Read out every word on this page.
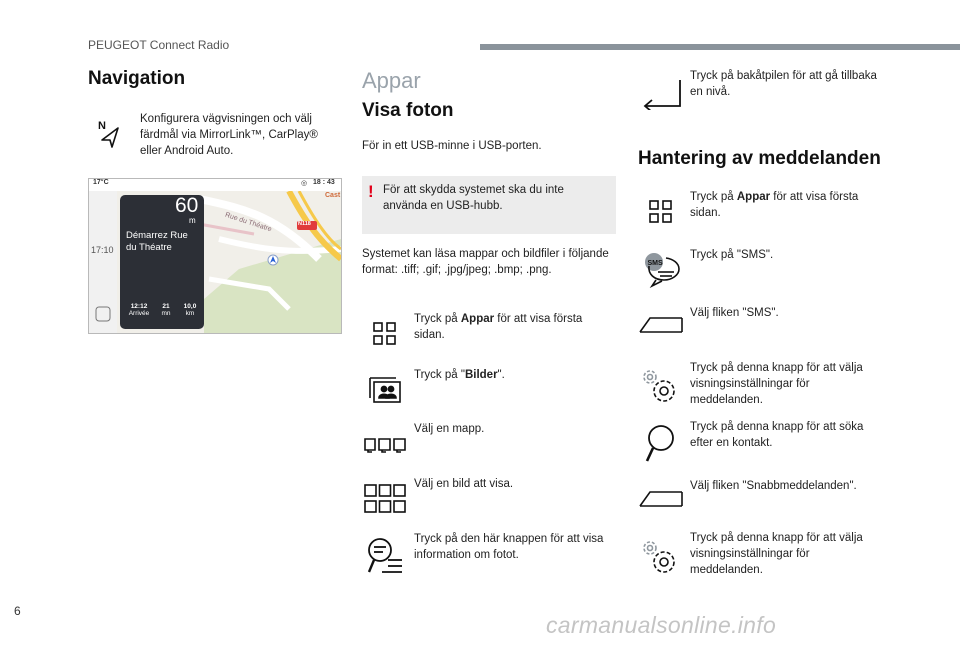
PEUGEOT Connect Radio
Navigation
N
Konfigurera vägvisningen och välj färdmål via MirrorLink™, CarPlay® eller Android Auto.
17°C	18 : 43
◎
17:10
60
m
Démarrez Rue du Théatre
12:12
Arrivée
21
mn
10,0
km
N118
Rue du Théatre
Cast
Appar
Visa foton
För in ett USB-minne i USB-porten.
! För att skydda systemet ska du inte använda en USB-hubb.
Systemet kan läsa mappar och bildfiler i följande format: .tiff; .gif; .jpg/jpeg; .bmp; .png.
Tryck på Appar för att visa första sidan.
Tryck på "Bilder".
Välj en mapp.
Välj en bild att visa.
Tryck på den här knappen för att visa information om fotot.
Tryck på bakåtpilen för att gå tillbaka en nivå.
Hantering av meddelanden
Tryck på Appar för att visa första sidan.
SMS
Tryck på "SMS".
Välj fliken "SMS".
Tryck på denna knapp för att välja visningsinställningar för meddelanden.
Tryck på denna knapp för att söka efter en kontakt.
Välj fliken "Snabbmeddelanden".
Tryck på denna knapp för att välja visningsinställningar för meddelanden.
6
carmanualsonline.info
